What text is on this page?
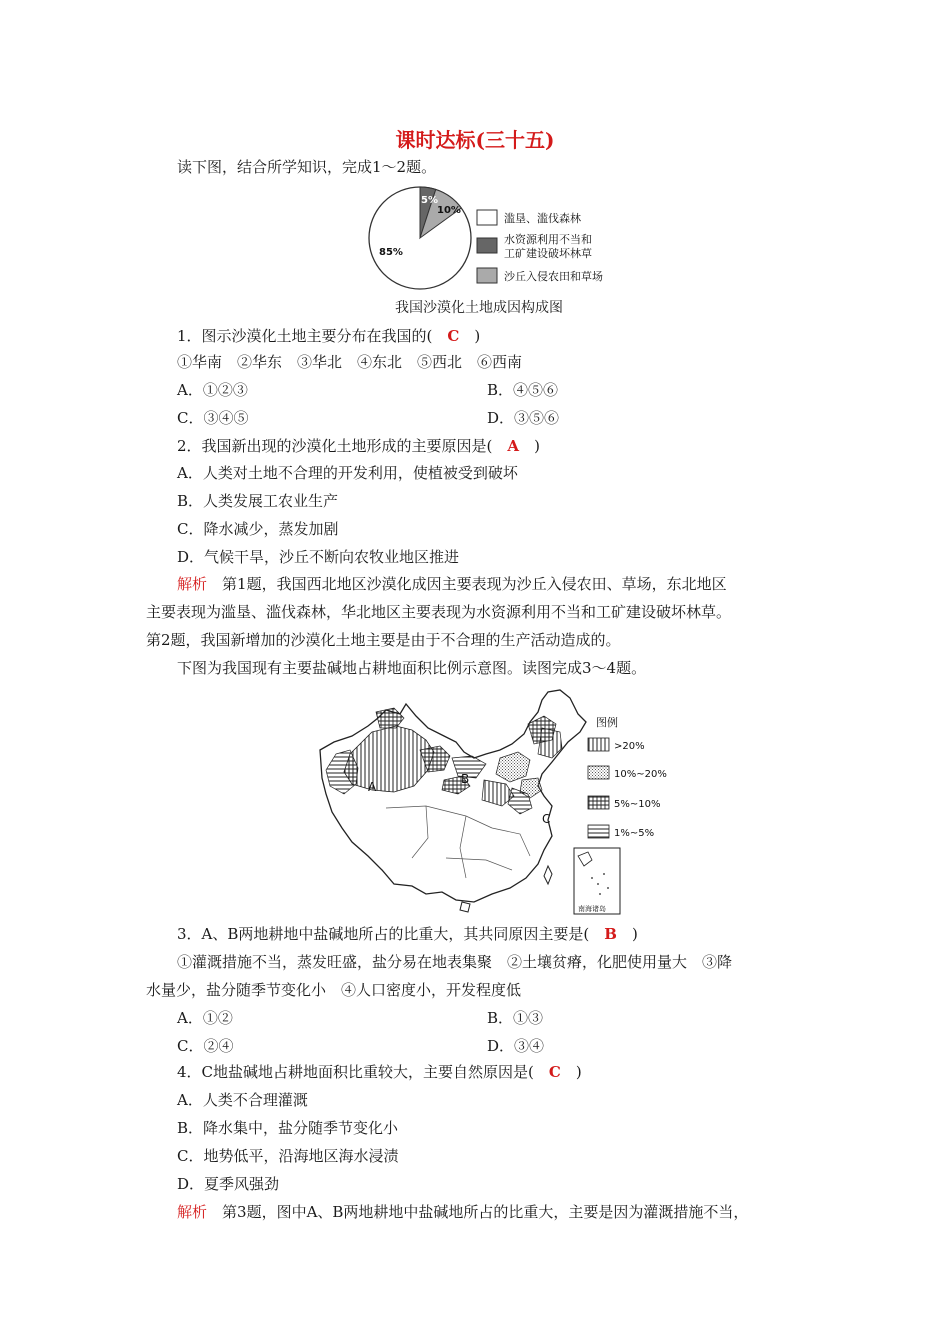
课时达标(三十五)
读下图，结合所学知识，完成1～2题。
5%
10%
85%
滥垦、滥伐森林
水资源利用不当和
工矿建设破坏林草
沙丘入侵农田和草场
我国沙漠化土地成因构成图
1．图示沙漠化土地主要分布在我国的(　 C　 )
①华南　②华东　③华北　④东北　⑤西北　⑥西南
A．①②③	B．④⑤⑥
C．③④⑤	D．③⑤⑥
2．我国新出现的沙漠化土地形成的主要原因是(　 A　 )
A．人类对土地不合理的开发利用，使植被受到破坏
B．人类发展工农业生产
C．降水减少，蒸发加剧
D．气候干旱，沙丘不断向农牧业地区推进
解析　 第1题，我国西北地区沙漠化成因主要表现为沙丘入侵农田、草场，东北地区
主要表现为滥垦、滥伐森林，华北地区主要表现为水资源利用不当和工矿建设破坏林草。
第2题，我国新增加的沙漠化土地主要是由于不合理的生产活动造成的。
下图为我国现有主要盐碱地占耕地面积比例示意图。读图完成3～4题。
A
B
C
图例
>20%
10%~20%
5%~10%
1%~5%
南海诸岛
3．A、B两地耕地中盐碱地所占的比重大，其共同原因主要是(　 B　 )
①灌溉措施不当，蒸发旺盛，盐分易在地表集聚　②土壤贫瘠，化肥使用量大　③降
水量少，盐分随季节变化小　④人口密度小，开发程度低
A．①②	B．①③
C．②④	D．③④
4．C地盐碱地占耕地面积比重较大，主要自然原因是(　 C　 )
A．人类不合理灌溉
B．降水集中，盐分随季节变化小
C．地势低平，沿海地区海水浸渍
D．夏季风强劲
解析　 第3题，图中A、B两地耕地中盐碱地所占的比重大，主要是因为灌溉措施不当，
